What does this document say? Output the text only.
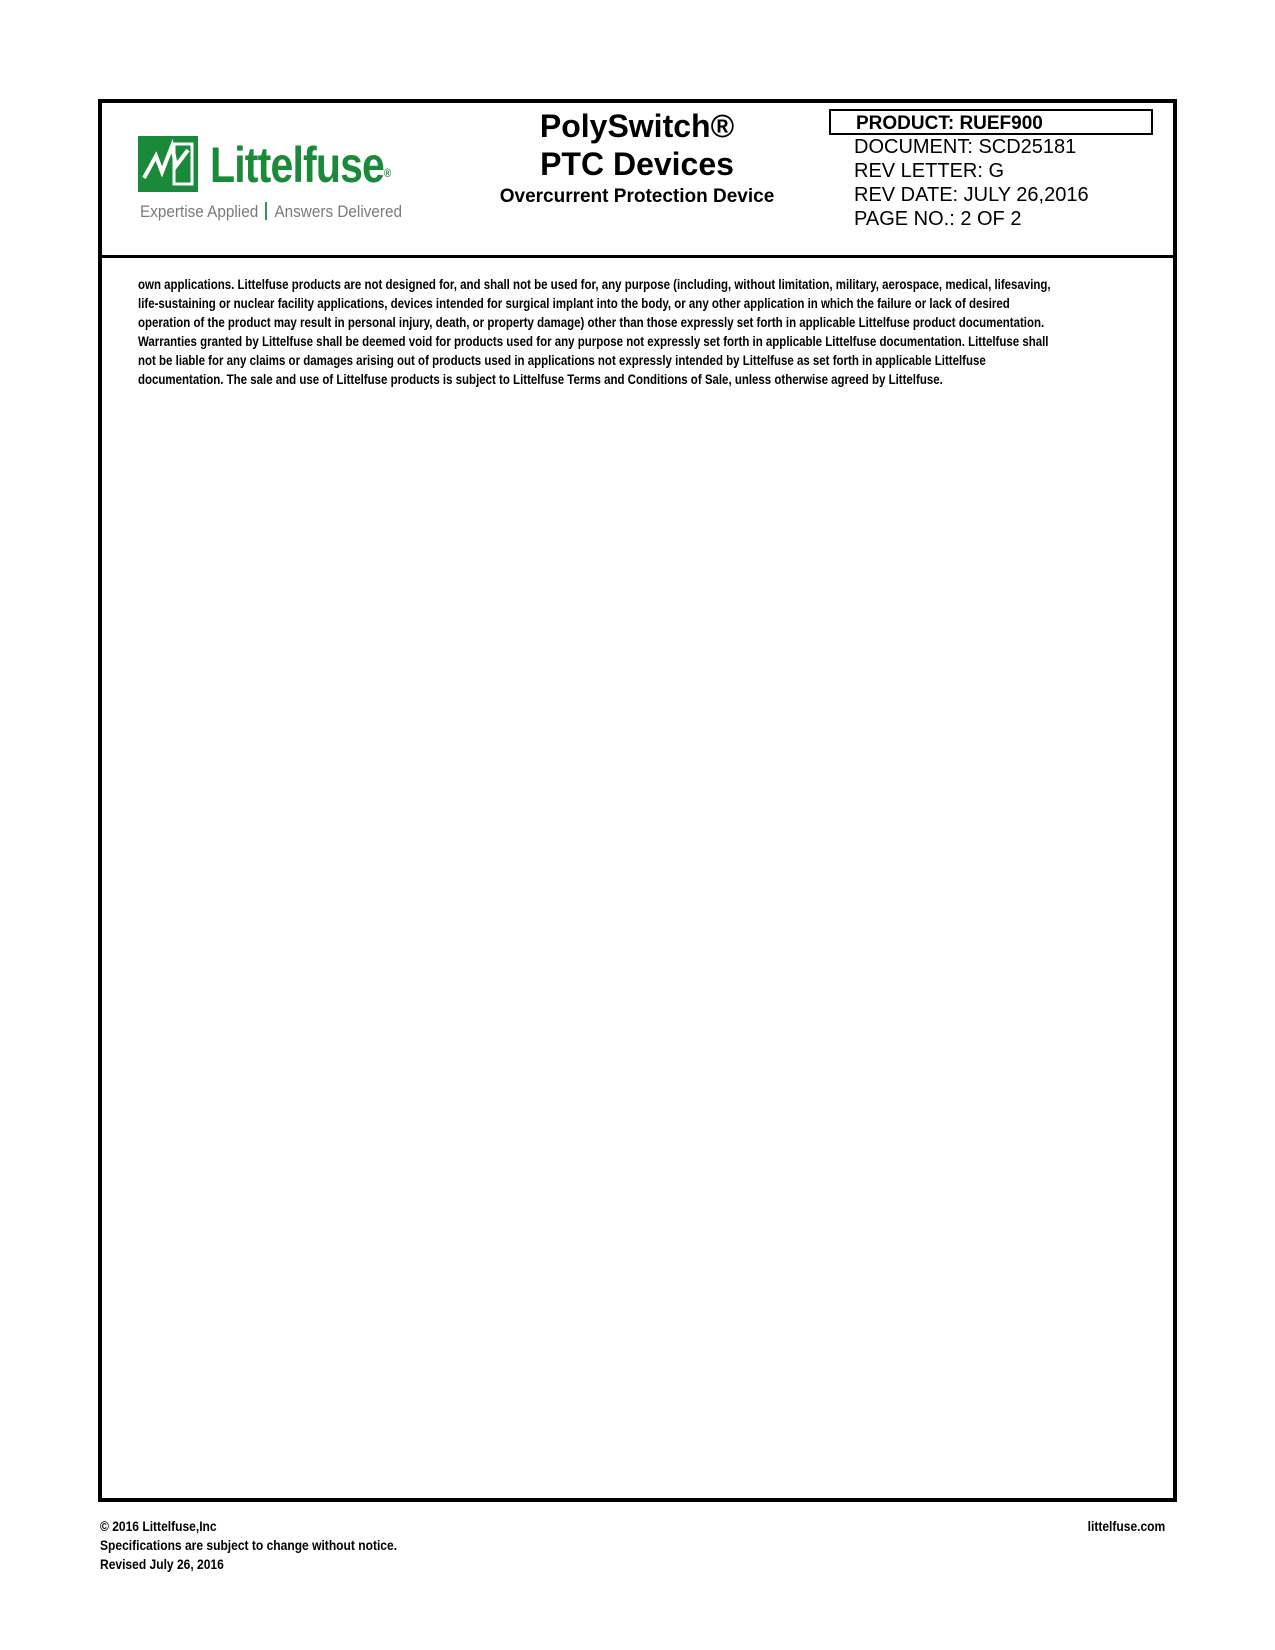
Littelfuse®
Expertise Applied Answers Delivered
PolySwitch®
PTC Devices
Overcurrent Protection Device
PRODUCT: RUEF900
DOCUMENT: SCD25181
REV LETTER: G
REV DATE: JULY 26,2016
PAGE NO.: 2 OF 2

own applications. Littelfuse products are not designed for, and shall not be used for, any purpose (including, without limitation, military, aerospace, medical, lifesaving,

life-sustaining or nuclear facility applications, devices intended for surgical implant into the body, or any other application in which the failure or lack of desired

operation of the product may result in personal injury, death, or property damage) other than those expressly set forth in applicable Littelfuse product documentation.

Warranties granted by Littelfuse shall be deemed void for products used for any purpose not expressly set forth in applicable Littelfuse documentation. Littelfuse shall

not be liable for any claims or damages arising out of products used in applications not expressly intended by Littelfuse as set forth in applicable Littelfuse

documentation. The sale and use of Littelfuse products is subject to Littelfuse Terms and Conditions of Sale, unless otherwise agreed by Littelfuse.

© 2016 Littelfuse,Inc
Specifications are subject to change without notice.
Revised July 26, 2016
littelfuse.com
